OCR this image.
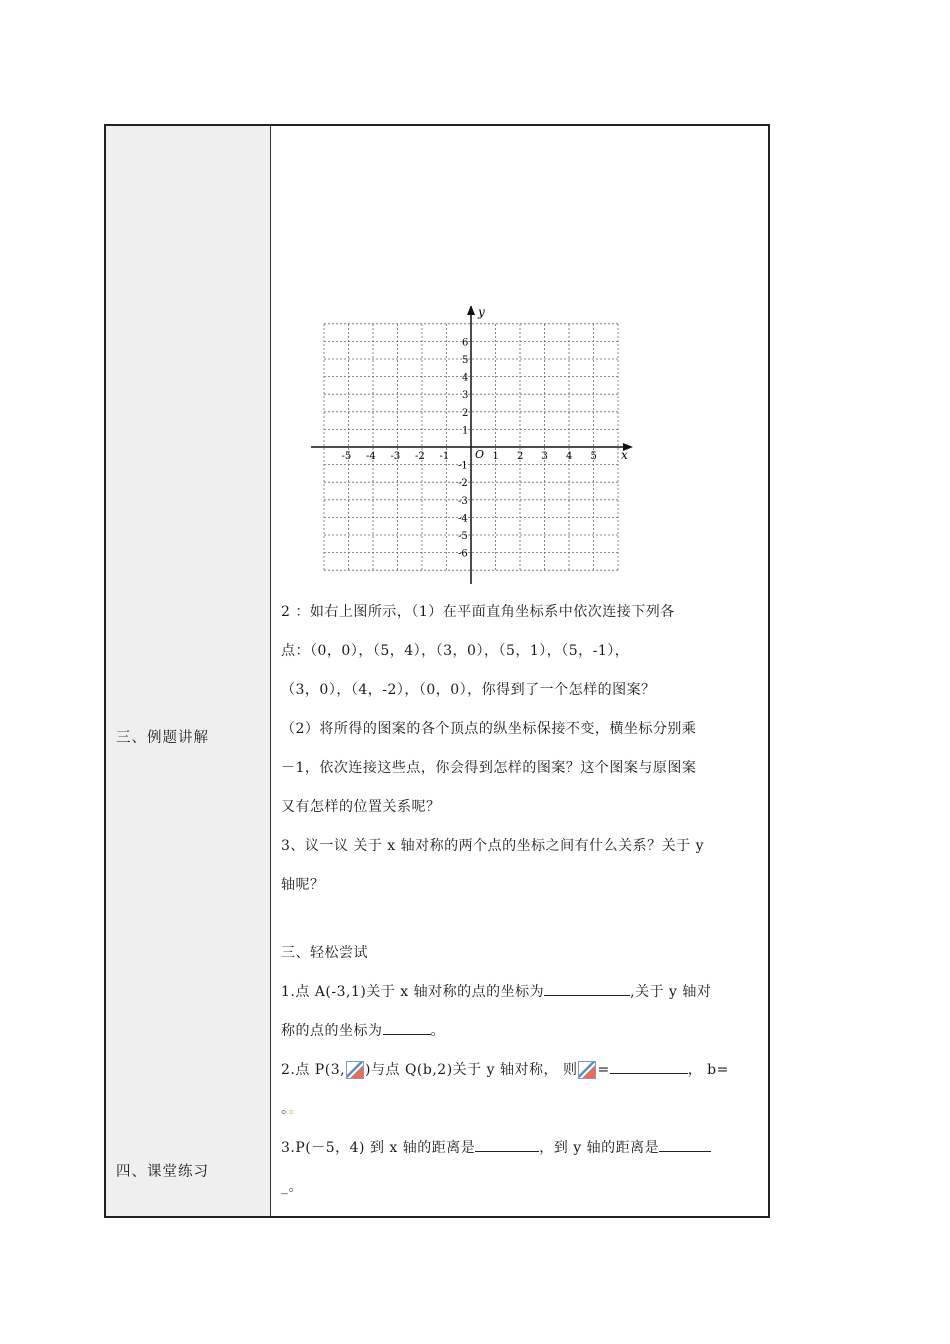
三、例题讲解
四、课堂练习
x
y
O
-5 -4 -3 -2 -1	1 2 3 4 5
6
5
4
3
2
1
-1
-2
-3
-4
-5
-6
2 ：如右上图所示，（1）在平面直角坐标系中依次连接下列各
点：（0，0），（5，4），（3，0），（5，1），（5，-1），
（3，0），（4，-2），（0，0），你得到了一个怎样的图案？
（2）将所得的图案的各个顶点的纵坐标保接不变，横坐标分别乘
－1，依次连接这些点，你会得到怎样的图案？这个图案与原图案
又有怎样的位置关系呢？
3、议一议 关于 x 轴对称的两个点的坐标之间有什么关系？关于 y
轴呢？
三、轻松尝试
1.点 A(-3,1)关于 x 轴对称的点的坐标为	,关于 y 轴对
称的点的坐标为	。
2.点 P(3, )与点 Q(b,2)关于 y 轴对称， 则 =	， b=
。。
3.P(－5，4) 到 x 轴的距离是	，到 y 轴的距离是
_。
